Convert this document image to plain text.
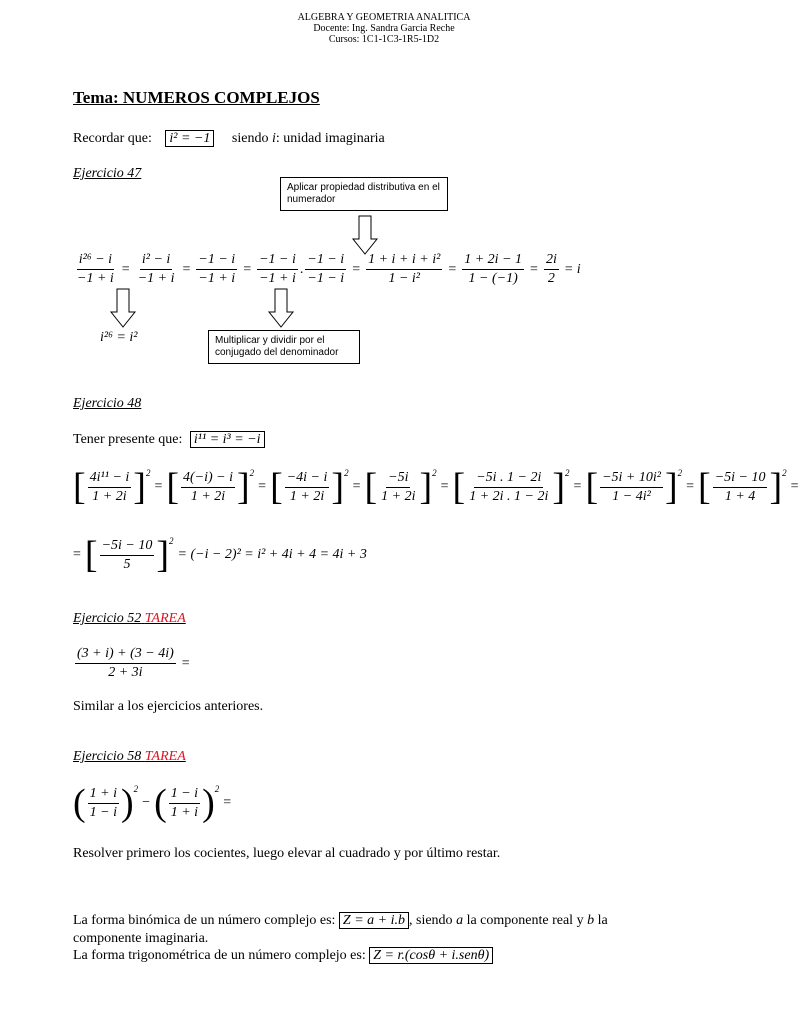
ALGEBRA Y GEOMETRIA ANALITICA
Docente: Ing. Sandra Garcia Reche
Cursos: 1C1-1C3-1R5-1D2
Tema: NUMEROS COMPLEJOS
Recordar que: i² = −1 siendo i: unidad imaginaria
Ejercicio 47
Aplicar propiedad distributiva en el numerador
$\frac{\text{i²⁶ − i}}{-1 + i} = \frac{\text{i² − i}}{-1 + i} = \frac{-1 - i}{-1 + i} = \frac{-1 - i}{-1 + i}$ . $\frac{-1 - i}{-1 - i} = \frac{\text{1 + i + i + i²}}{\text{1 − i²}} = \frac{1 + 2i - 1}{1 - (-1)} = \frac{2i}{2} = i$
i²⁶ = i²	Multiplicar y dividir por el conjugado del denominador
Ejercicio 48
Tener presente que: i¹¹ = i³ = −i
[ $\frac{\text{4i¹¹ − i}}{1 + 2i} ]^2$
= [ $\frac{4(-i) - i}{1 + 2i} ]^2$
= [ $\frac{-4i - i}{1 + 2i} ]^2$
= [ $\frac{-5i}{1 + 2i} ]^2$
= [ $\frac{-5i . 1 - 2i}{1 + 2i . 1 - 2i} ]^2$
= [ $\frac{\text{−5i + 10i²}}{\text{1 − 4i²}} ]^2$
= [ $\frac{-5i - 10}{1 + 4} ]^2$
=
= [ $\frac{-5i - 10}{5} ]^2$
= (−i − 2)² = i² + 4i + 4 = 4i + 3
Ejercicio 52 TAREA
$\frac{(3 + i) + (3 - 4i)}{2 + 3i}$ =
Similar a los ejercicios anteriores.
Ejercicio 58 TAREA
( $\frac{1 + i}{1 - i} )^2$
− ( $\frac{1 - i}{1 + i} )^2$
=
Resolver primero los cocientes, luego elevar al cuadrado y por último restar.
La forma binómica de un número complejo es: Z = a + i.b , siendo a la componente real y b la
componente imaginaria.
La forma trigonométrica de un número complejo es: Z = r.(cosθ + i.senθ)
